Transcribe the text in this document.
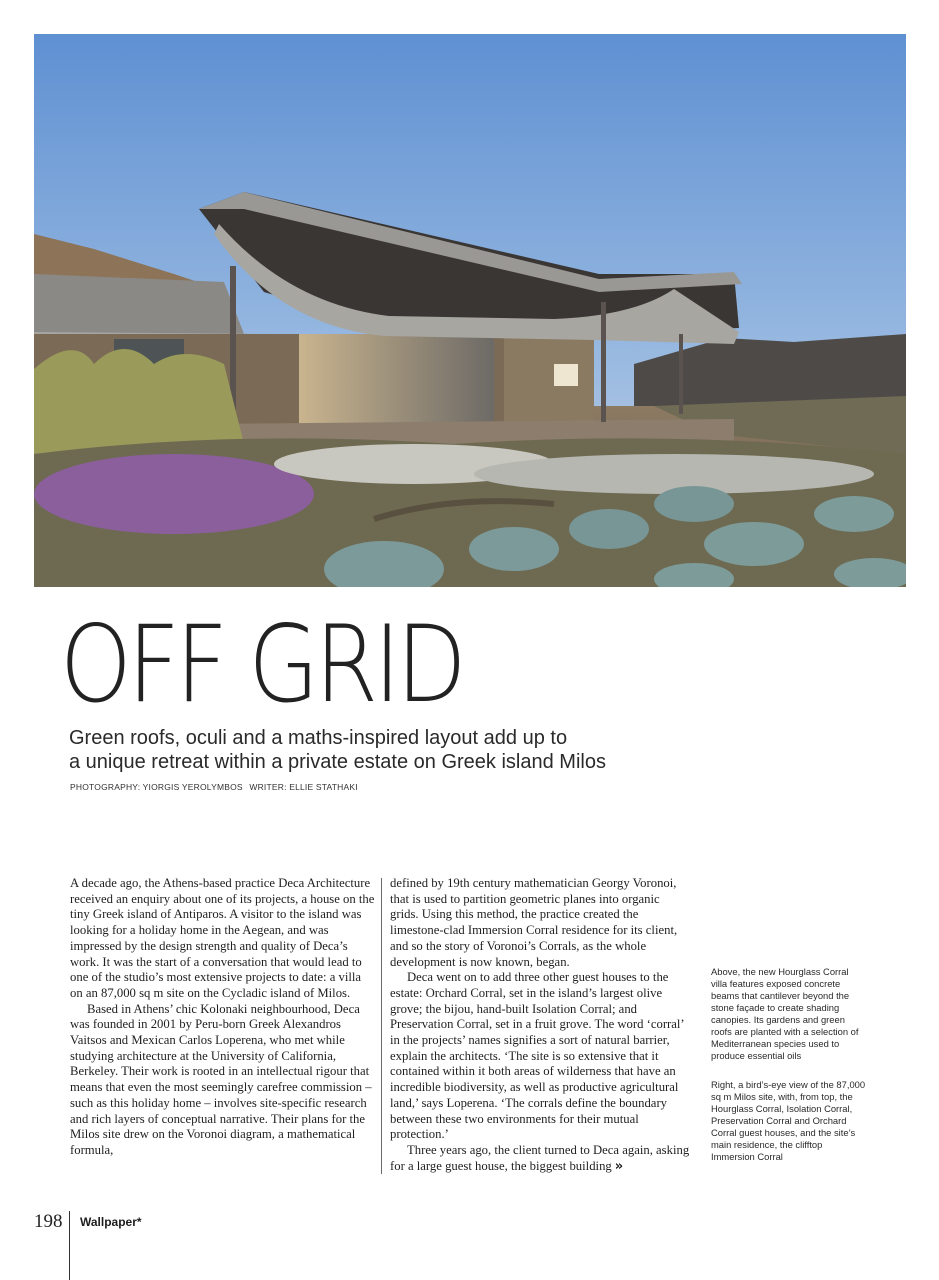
OFF GRID
Green roofs, oculi and a maths-inspired layout add up to
a unique retreat within a private estate on Greek island Milos
PHOTOGRAPHY: YIORGIS YEROLYMBOS WRITER: ELLIE STATHAKI

A decade ago, the Athens-based practice Deca Architecture received an enquiry about one of its projects, a house on the tiny Greek island of Antiparos. A visitor to the island was looking for a holiday home in the Aegean, and was impressed by the design strength and quality of Deca’s work. It was the start of a conversation that would lead to one of the studio’s most extensive projects to date: a villa on an 87,000 sq m site on the Cycladic island of Milos.

Based in Athens’ chic Kolonaki neighbourhood, Deca was founded in 2001 by Peru-born Greek Alexandros Vaitsos and Mexican Carlos Loperena, who met while studying architecture at the University of California, Berkeley. Their work is rooted in an intellectual rigour that means that even the most seemingly carefree commission – such as this holiday home – involves site-specific research and rich layers of conceptual narrative. Their plans for the Milos site drew on the Voronoi diagram, a mathematical formula,

defined by 19th century mathematician Georgy Voronoi, that is used to partition geometric planes into organic grids. Using this method, the practice created the limestone-clad Immersion Corral residence for its client, and so the story of Voronoi’s Corrals, as the whole development is now known, began.

Deca went on to add three other guest houses to the estate: Orchard Corral, set in the island’s largest olive grove; the bijou, hand-built Isolation Corral; and Preservation Corral, set in a fruit grove. The word ‘corral’ in the projects’ names signifies a sort of natural barrier, explain the architects. ‘The site is so extensive that it contained within it both areas of wilderness that have an incredible biodiversity, as well as productive agricultural land,’ says Loperena. ‘The corrals define the boundary between these two environments for their mutual protection.’

Three years ago, the client turned to Deca again, asking for a large guest house, the biggest building »

Above, the new Hourglass Corral villa features exposed concrete beams that cantilever beyond the stone façade to create shading canopies. Its gardens and green roofs are planted with a selection of Mediterranean species used to produce essential oils

Right, a bird’s-eye view of the 87,000 sq m Milos site, with, from top, the Hourglass Corral, Isolation Corral, Preservation Corral and Orchard Corral guest houses, and the site’s main residence, the clifftop Immersion Corral

198 Wallpaper*
